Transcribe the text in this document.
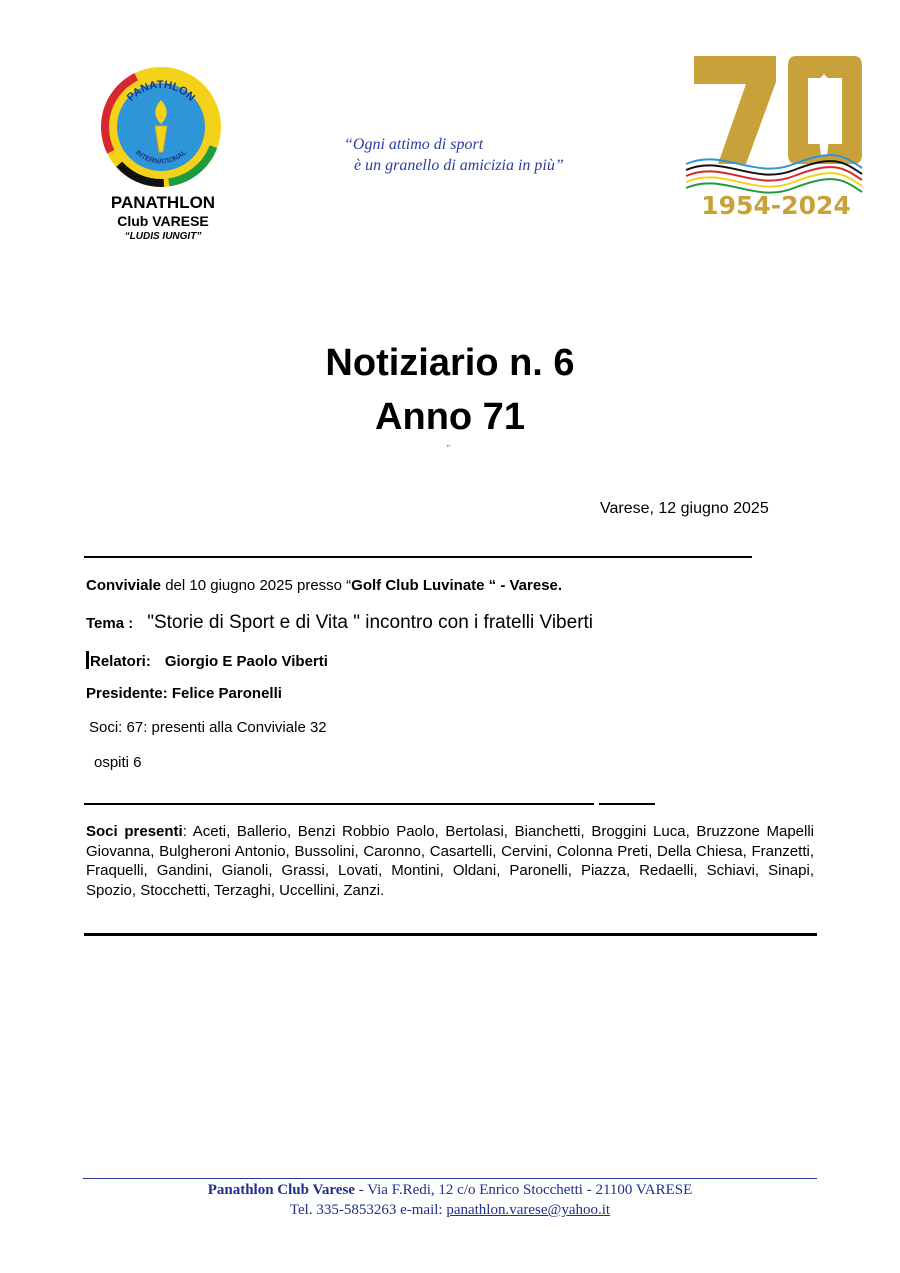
PANATHLON
INTERNATIONAL
PANATHLON
Club VARESE
“LUDIS IUNGIT”
“Ogni attimo di sport
è un granello di amicizia in più”
1954-2024
Notiziario n. 6
Anno 71
"
Varese, 12 giugno 2025
Conviviale del 10 giugno 2025 presso “Golf Club Luvinate “ - Varese.
Tema : "Storie di Sport e di Vita " incontro con i fratelli Viberti
Relatori: Giorgio E Paolo Viberti
Presidente: Felice Paronelli
Soci: 67: presenti alla Conviviale 32
ospiti 6
Soci presenti: Aceti, Ballerio, Benzi Robbio Paolo, Bertolasi, Bianchetti, Broggini Luca, Bruzzone Mapelli Giovanna, Bulgheroni Antonio, Bussolini, Caronno, Casartelli, Cervini, Colonna Preti, Della Chiesa, Franzetti, Fraquelli, Gandini, Gianoli, Grassi, Lovati, Montini, Oldani, Paronelli, Piazza, Redaelli, Schiavi, Sinapi, Spozio, Stocchetti, Terzaghi, Uccellini, Zanzi.
Panathlon Club Varese - Via F.Redi, 12 c/o Enrico Stocchetti - 21100 VARESE
Tel. 335-5853263 e-mail: panathlon.varese@yahoo.it
